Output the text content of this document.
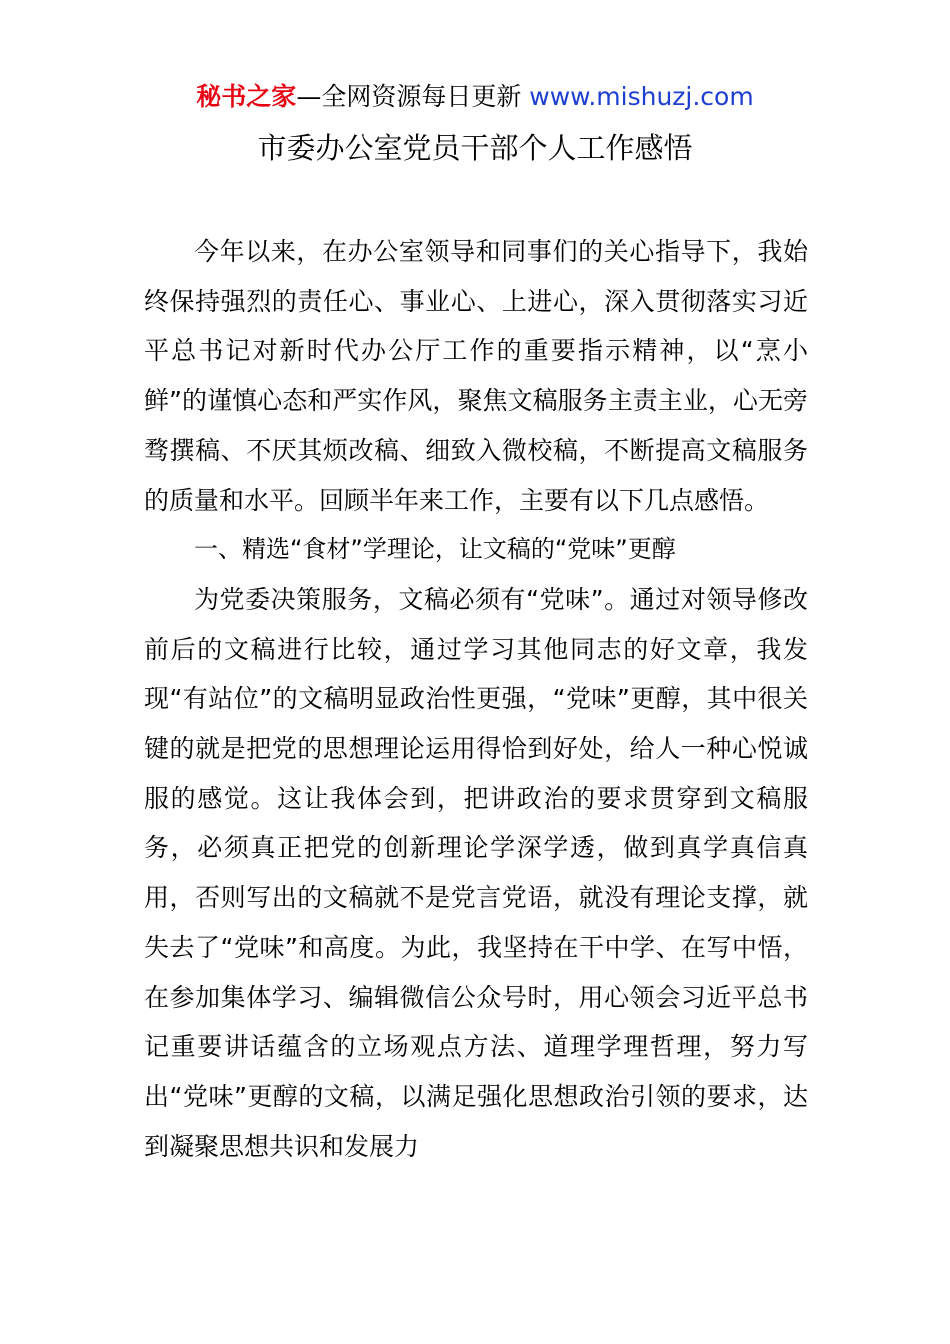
秘书之家—全网资源每日更新 www.mishuzj.com
市委办公室党员干部个人工作感悟

今年以来，在办公室领导和同事们的关心指导下，我始终保持强烈的责任心、事业心、上进心，深入贯彻落实习近平总书记对新时代办公厅工作的重要指示精神，以“烹小鲜”的谨慎心态和严实作风，聚焦文稿服务主责主业，心无旁骛撰稿、不厌其烦改稿、细致入微校稿，不断提高文稿服务的质量和水平。回顾半年来工作，主要有以下几点感悟。

一、精选“食材”学理论，让文稿的“党味”更醇

为党委决策服务，文稿必须有“党味”。通过对领导修改前后的文稿进行比较，通过学习其他同志的好文章，我发现“有站位”的文稿明显政治性更强，“党味”更醇，其中很关键的就是把党的思想理论运用得恰到好处，给人一种心悦诚服的感觉。这让我体会到，把讲政治的要求贯穿到文稿服务，必须真正把党的创新理论学深学透，做到真学真信真用，否则写出的文稿就不是党言党语，就没有理论支撑，就失去了“党味”和高度。为此，我坚持在干中学、在写中悟，在参加集体学习、编辑微信公众号时，用心领会习近平总书记重要讲话蕴含的立场观点方法、道理学理哲理，努力写出“党味”更醇的文稿，以满足强化思想政治引领的要求，达到凝聚思想共识和发展力
